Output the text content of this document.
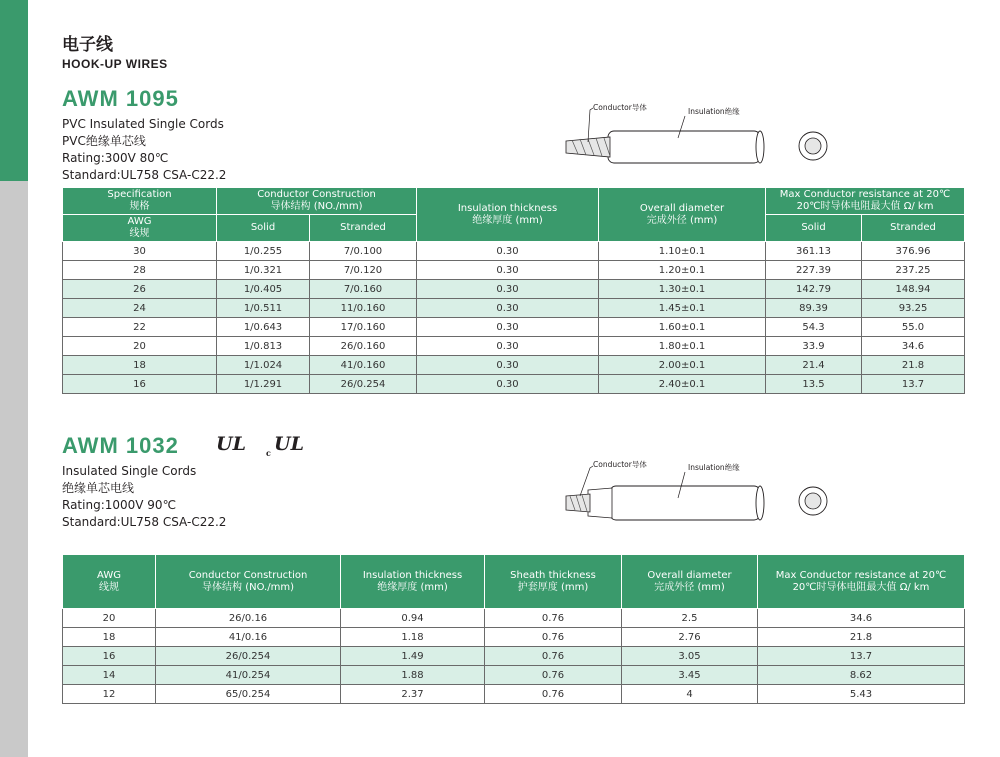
电子线
HOOK-UP WIRES
AWM 1095
PVC Insulated Single Cords
PVC绝缘单芯线
Rating:300V 80℃
Standard:UL758 CSA-C22.2
Conductor导体	Insulation绝缘
Specification
规格	Conductor Construction
导体结构 (NO./mm)		Insulation thickness
绝缘厚度 (mm)	Overall diameter
完成外径 (mm)	Max Conductor resistance at 20℃
20℃时导体电阻最大值 Ω/ km	
AWG
线规	Solid	Stranded			Solid	Stranded
30	1/0.255	7/0.100	0.30	1.10±0.1	361.13	376.96
28	1/0.321	7/0.120	0.30	1.20±0.1	227.39	237.25
26	1/0.405	7/0.160	0.30	1.30±0.1	142.79	148.94
24	1/0.511	11/0.160	0.30	1.45±0.1	89.39	93.25
22	1/0.643	17/0.160	0.30	1.60±0.1	54.3	55.0
20	1/0.813	26/0.160	0.30	1.80±0.1	33.9	34.6
18	1/1.024	41/0.160	0.30	2.00±0.1	21.4	21.8
16	1/1.291	26/0.254	0.30	2.40±0.1	13.5	13.7
AWM 1032 UL	c UL
Insulated Single Cords
绝缘单芯电线
Rating:1000V 90℃
Standard:UL758 CSA-C22.2
Conductor导体	Insulation绝缘
AWG
线规	Conductor Construction
导体结构 (NO./mm)	Insulation thickness
绝缘厚度 (mm)	Sheath thickness
护套厚度 (mm)	Overall diameter
完成外径 (mm)	Max Conductor resistance at 20℃
20℃时导体电阻最大值 Ω/ km
20	26/0.16	0.94	0.76	2.5	34.6
18	41/0.16	1.18	0.76	2.76	21.8
16	26/0.254	1.49	0.76	3.05	13.7
14	41/0.254	1.88	0.76	3.45	8.62
12	65/0.254	2.37	0.76	4	5.43
